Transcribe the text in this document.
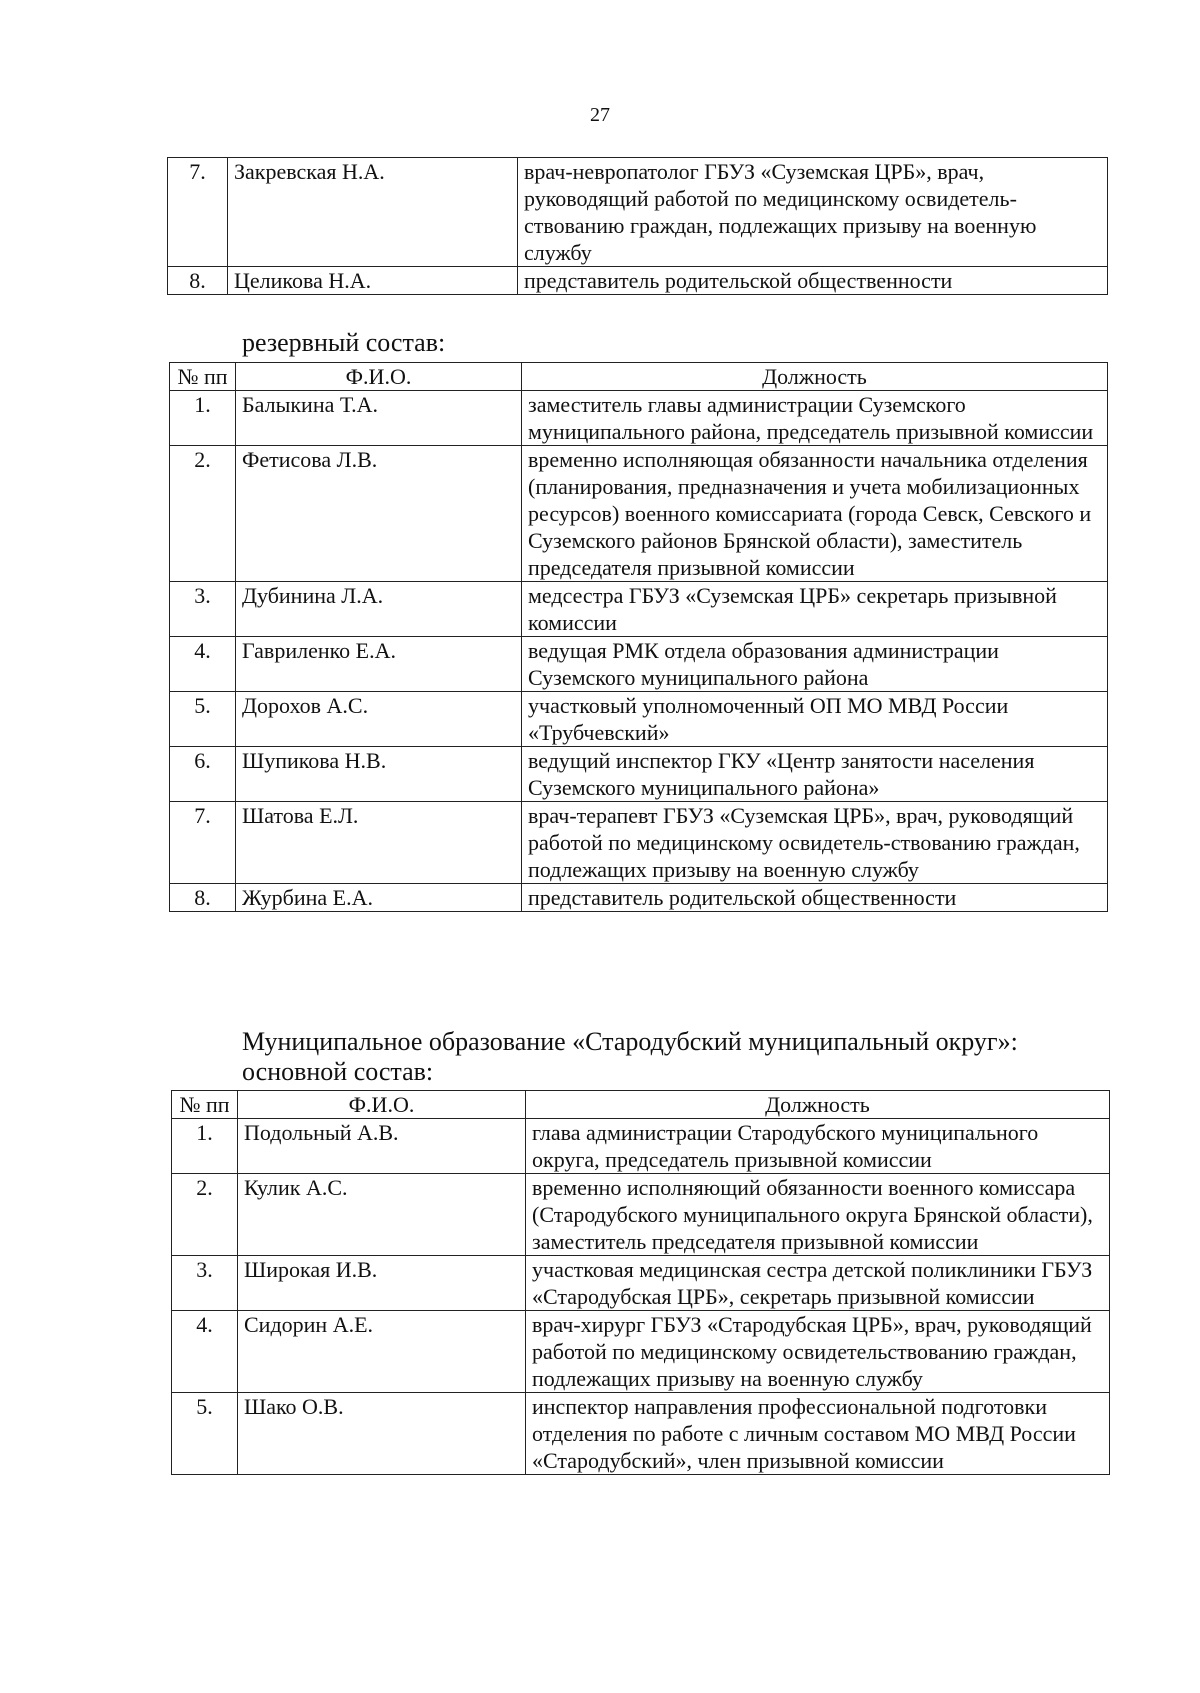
27
7.	Закревская Н.А.	врач-невропатолог ГБУЗ «Суземская ЦРБ», врач, руководящий работой по медицинскому освидетель-ствованию граждан, подлежащих призыву на военную службу
8.	Целикова Н.А.	представитель родительской общественности
резервный состав:
№ пп	Ф.И.О.	Должность
1.	Балыкина Т.А.	заместитель главы администрации Суземского муниципального района, председатель призывной комиссии
2.	Фетисова Л.В.	временно исполняющая обязанности начальника отделения (планирования, предназначения и учета мобилизационных ресурсов) военного комиссариата (города Севск, Севского и Суземского районов Брянской области), заместитель председателя призывной комиссии
3.	Дубинина Л.А.	медсестра ГБУЗ «Суземская ЦРБ» секретарь призывной комиссии
4.	Гавриленко Е.А.	ведущая РМК отдела образования администрации Суземского муниципального района
5.	Дорохов А.С.	участковый уполномоченный ОП МО МВД России «Трубчевский»
6.	Шупикова Н.В.	ведущий инспектор ГКУ «Центр занятости населения Суземского муниципального района»
7.	Шатова Е.Л.	врач-терапевт ГБУЗ «Суземская ЦРБ», врач, руководящий работой по медицинскому освидетель-ствованию граждан, подлежащих призыву на военную службу
8.	Журбина Е.А.	представитель родительской общественности
Муниципальное образование «Стародубский муниципальный округ»:
основной состав:
№ пп	Ф.И.О.	Должность
1.	Подольный А.В.	глава администрации Стародубского муниципального округа, председатель призывной комиссии
2.	Кулик А.С.	временно исполняющий обязанности военного комиссара (Стародубского муниципального округа Брянской области), заместитель председателя призывной комиссии
3.	Широкая И.В.	участковая медицинская сестра детской поликлиники ГБУЗ «Стародубская ЦРБ», секретарь призывной комиссии
4.	Сидорин А.Е.	врач-хирург ГБУЗ «Стародубская ЦРБ», врач, руководящий работой по медицинскому освидетельствованию граждан, подлежащих призыву на военную службу
5.	Шако О.В.	инспектор направления профессиональной подготовки отделения по работе с личным составом МО МВД России «Стародубский», член призывной комиссии
